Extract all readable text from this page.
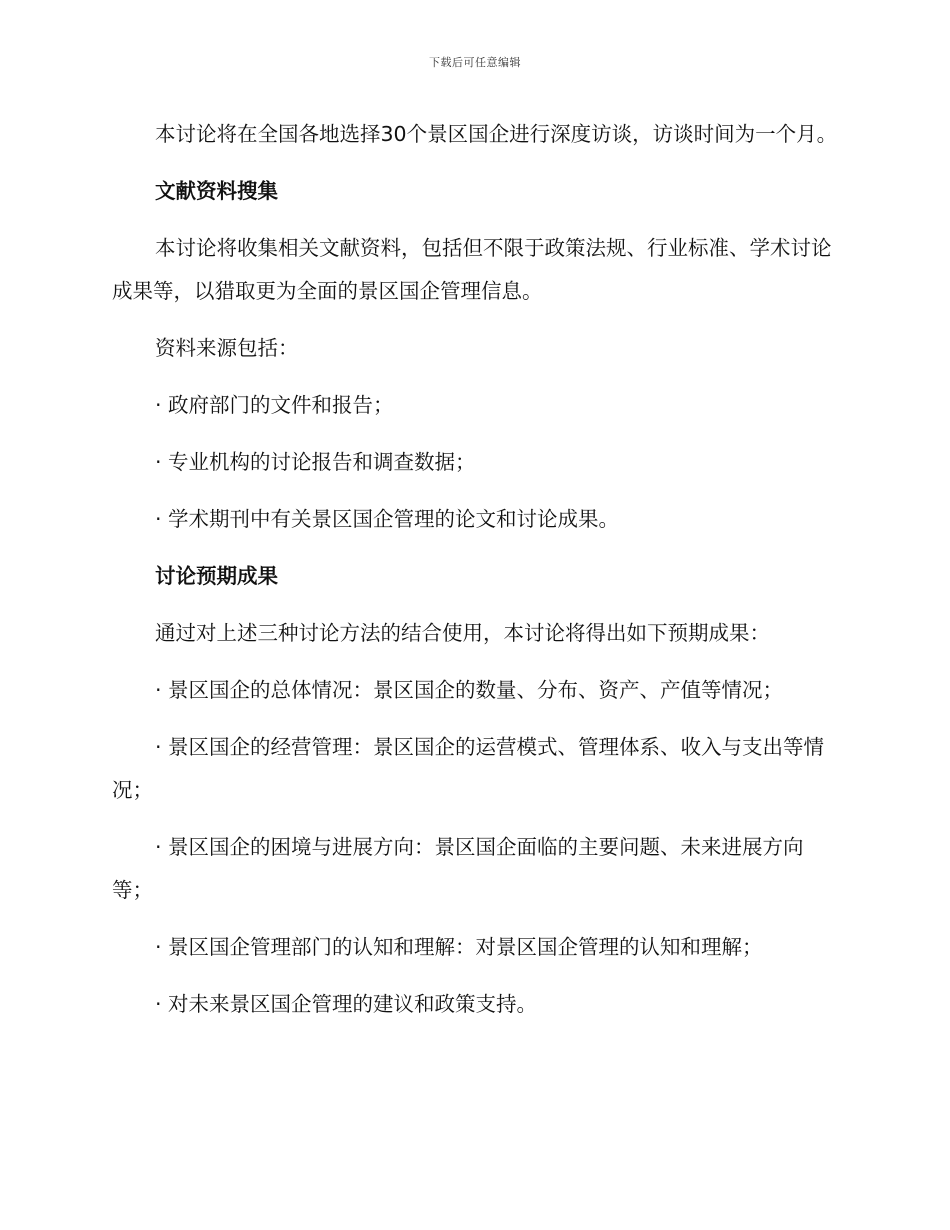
下载后可任意编辑

本讨论将在全国各地选择30个景区国企进行深度访谈，访谈时间为一个月。

文献资料搜集

本讨论将收集相关文献资料，包括但不限于政策法规、行业标准、学术讨论成果等，以猎取更为全面的景区国企管理信息。

资料来源包括：

· 政府部门的文件和报告；

· 专业机构的讨论报告和调查数据；

· 学术期刊中有关景区国企管理的论文和讨论成果。

讨论预期成果

通过对上述三种讨论方法的结合使用，本讨论将得出如下预期成果：

· 景区国企的总体情况：景区国企的数量、分布、资产、产值等情况；

· 景区国企的经营管理：景区国企的运营模式、管理体系、收入与支出等情况；

· 景区国企的困境与进展方向：景区国企面临的主要问题、未来进展方向等；

· 景区国企管理部门的认知和理解：对景区国企管理的认知和理解；

· 对未来景区国企管理的建议和政策支持。
